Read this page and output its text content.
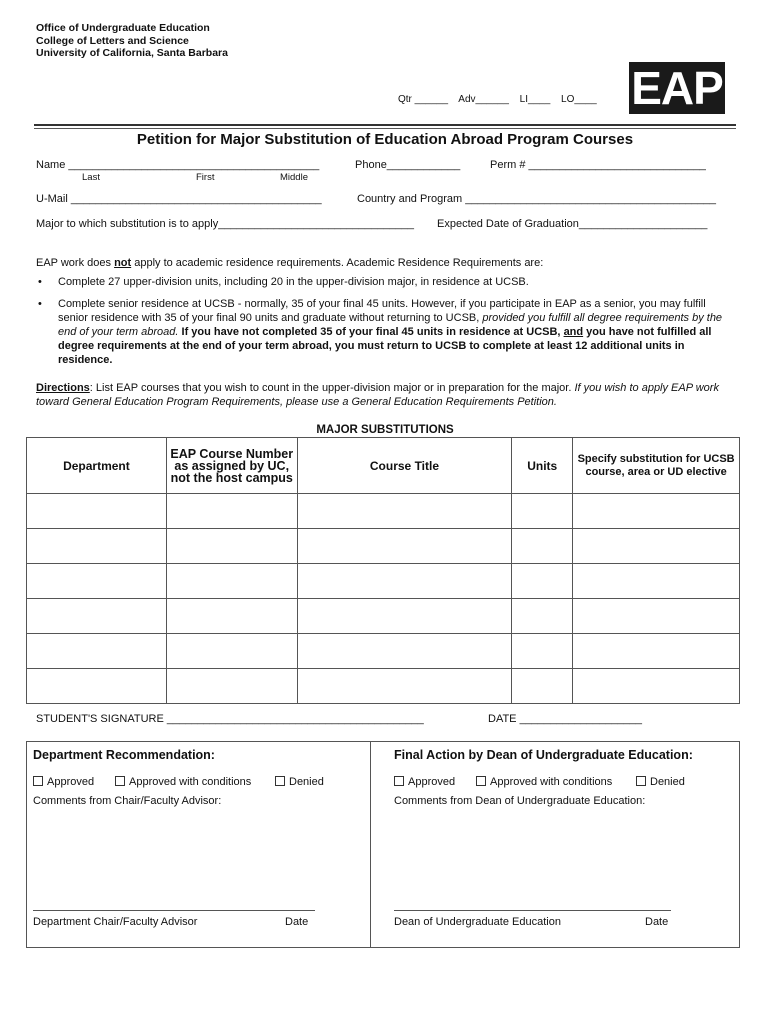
Office of Undergraduate Education
College of Letters and Science
University of California, Santa Barbara
Qtr ______ Adv______ LI____ LO____ EAP
Petition for Major Substitution of Education Abroad Program Courses
Name _________________________________________	Phone____________	Perm # _____________________________
Last	First	Middle
U-Mail _________________________________________	Country and Program _________________________________________
Major to which substitution is to apply________________________________ Expected Date of Graduation_____________________
EAP work does not apply to academic residence requirements. Academic Residence Requirements are:
• Complete 27 upper-division units, including 20 in the upper-division major, in residence at UCSB.
• Complete senior residence at UCSB - normally, 35 of your final 45 units. However, if you participate in EAP as a senior, you may fulfill senior residence with 35 of your final 90 units and graduate without returning to UCSB, provided you fulfill all degree requirements by the end of your term abroad. If you have not completed 35 of your final 45 units in residence at UCSB, and you have not fulfilled all degree requirements at the end of your term abroad, you must return to UCSB to complete at least 12 additional units in residence.
Directions: List EAP courses that you wish to count in the upper-division major or in preparation for the major. If you wish to apply EAP work toward General Education Program Requirements, please use a General Education Requirements Petition.
MAJOR SUBSTITUTIONS
Department	EAP Course Number as assigned by UC, not the host campus	Course Title	Units	Specify substitution for UCSB course, area or UD elective

STUDENT'S SIGNATURE __________________________________________	DATE ____________________
Department Recommendation:
Approved	Approved with conditions	Denied
Comments from Chair/Faculty Advisor:
Department Chair/Faculty Advisor	Date
Final Action by Dean of Undergraduate Education:
Approved	Approved with conditions	Denied
Comments from Dean of Undergraduate Education:
Dean of Undergraduate Education	Date
